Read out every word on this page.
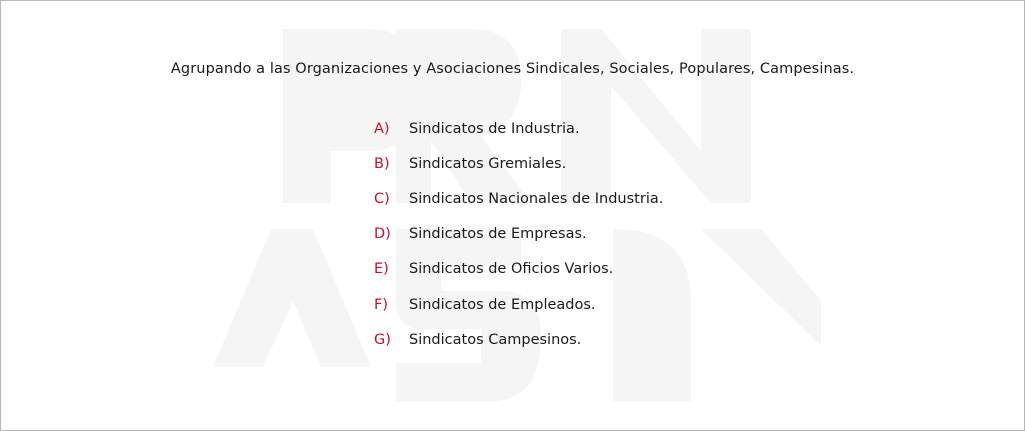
Agrupando a las Organizaciones y Asociaciones Sindicales, Sociales, Populares, Campesinas.
A)	Sindicatos de Industria.
B)	Sindicatos Gremiales.
C)	Sindicatos Nacionales de Industria.
D)	Sindicatos de Empresas.
E)	Sindicatos de Oficios Varios.
F)	Sindicatos de Empleados.
G)	Sindicatos Campesinos.
